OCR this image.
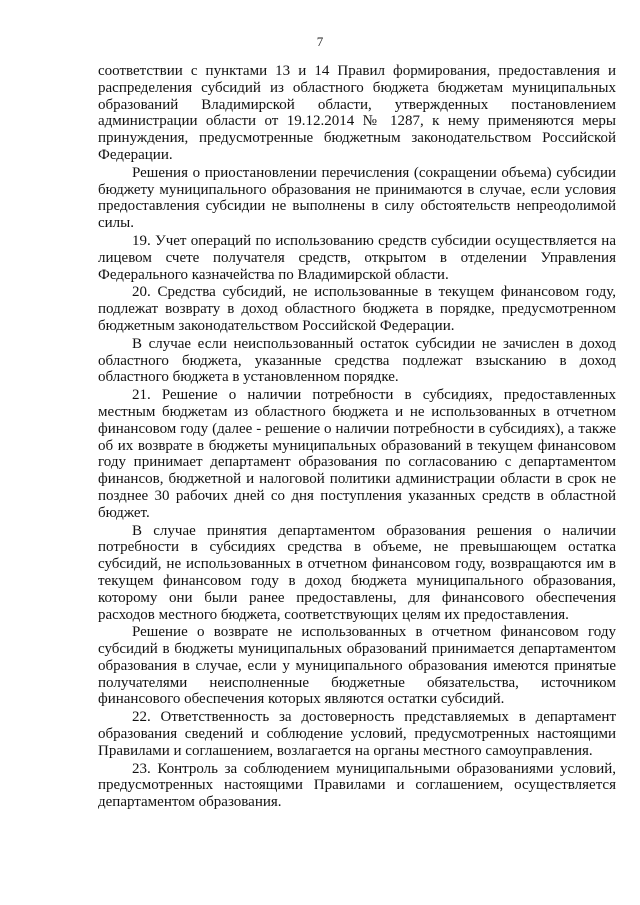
7

соответствии с пунктами 13 и 14 Правил формирования, предоставления и распределения субсидий из областного бюджета бюджетам муниципальных образований Владимирской области, утвержденных постановлением администрации области от 19.12.2014 № 1287, к нему применяются меры принуждения, предусмотренные бюджетным законодательством Российской Федерации.

Решения о приостановлении перечисления (сокращении объема) субсидии бюджету муниципального образования не принимаются в случае, если условия предоставления субсидии не выполнены в силу обстоятельств непреодолимой силы.

19. Учет операций по использованию средств субсидии осуществляется на лицевом счете получателя средств, открытом в отделении Управления Федерального казначейства по Владимирской области.

20. Средства субсидий, не использованные в текущем финансовом году, подлежат возврату в доход областного бюджета в порядке, предусмотренном бюджетным законодательством Российской Федерации.

В случае если неиспользованный остаток субсидии не зачислен в доход областного бюджета, указанные средства подлежат взысканию в доход областного бюджета в установленном порядке.

21. Решение о наличии потребности в субсидиях, предоставленных местным бюджетам из областного бюджета и не использованных в отчетном финансовом году (далее - решение о наличии потребности в субсидиях), а также об их возврате в бюджеты муниципальных образований в текущем финансовом году принимает департамент образования по согласованию с департаментом финансов, бюджетной и налоговой политики администрации области в срок не позднее 30 рабочих дней со дня поступления указанных средств в областной бюджет.

В случае принятия департаментом образования решения о наличии потребности в субсидиях средства в объеме, не превышающем остатка субсидий, не использованных в отчетном финансовом году, возвращаются им в текущем финансовом году в доход бюджета муниципального образования, которому они были ранее предоставлены, для финансового обеспечения расходов местного бюджета, соответствующих целям их предоставления.

Решение о возврате не использованных в отчетном финансовом году субсидий в бюджеты муниципальных образований принимается департаментом образования в случае, если у муниципального образования имеются принятые получателями неисполненные бюджетные обязательства, источником финансового обеспечения которых являются остатки субсидий.

22. Ответственность за достоверность представляемых в департамент образования сведений и соблюдение условий, предусмотренных настоящими Правилами и соглашением, возлагается на органы местного самоуправления.

23. Контроль за соблюдением муниципальными образованиями условий, предусмотренных настоящими Правилами и соглашением, осуществляется департаментом образования.
